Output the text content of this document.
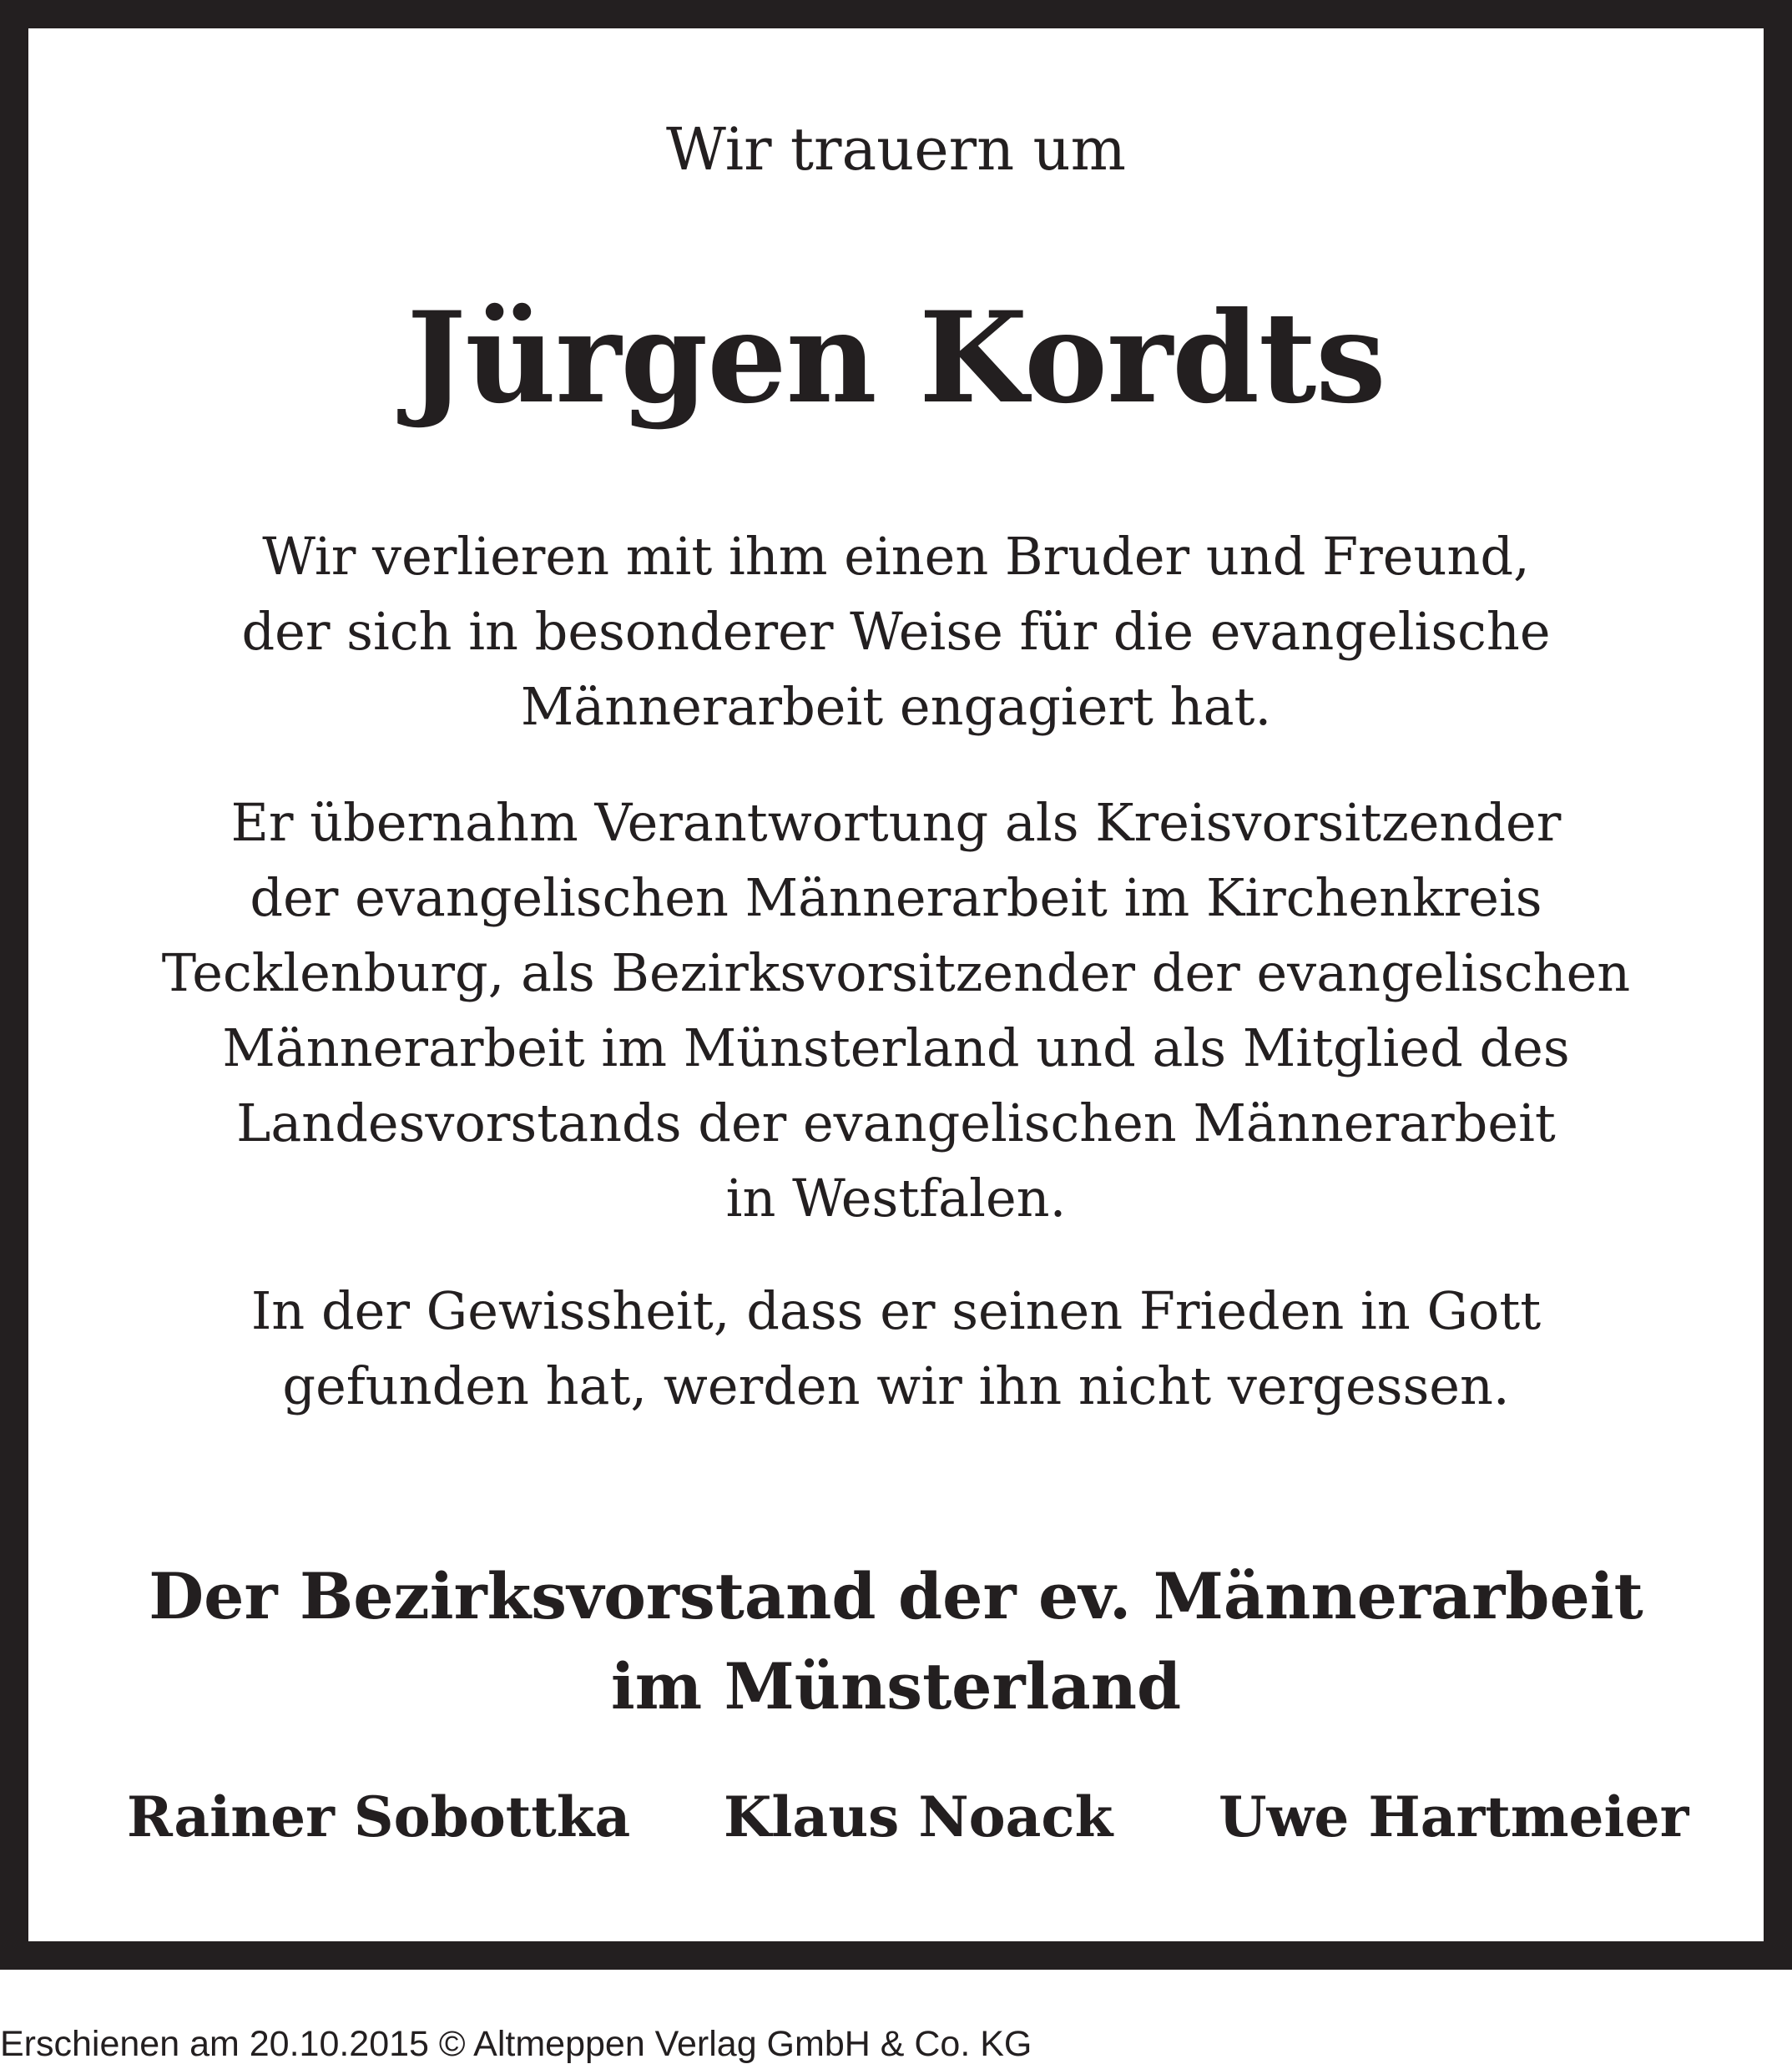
Wir trauern um
Jürgen Kordts
Wir verlieren mit ihm einen Bruder und Freund,
der sich in besonderer Weise für die evangelische
Männerarbeit engagiert hat.
Er übernahm Verantwortung als Kreisvorsitzender
der evangelischen Männerarbeit im Kirchenkreis
Tecklenburg, als Bezirksvorsitzender der evangelischen
Männerarbeit im Münsterland und als Mitglied des
Landesvorstands der evangelischen Männerarbeit
in Westfalen.
In der Gewissheit, dass er seinen Frieden in Gott
gefunden hat, werden wir ihn nicht vergessen.
Der Bezirksvorstand der ev. Männerarbeit
im Münsterland
Rainer Sobottka Klaus Noack Uwe Hartmeier
Erschienen am 20.10.2015 © Altmeppen Verlag GmbH & Co. KG
